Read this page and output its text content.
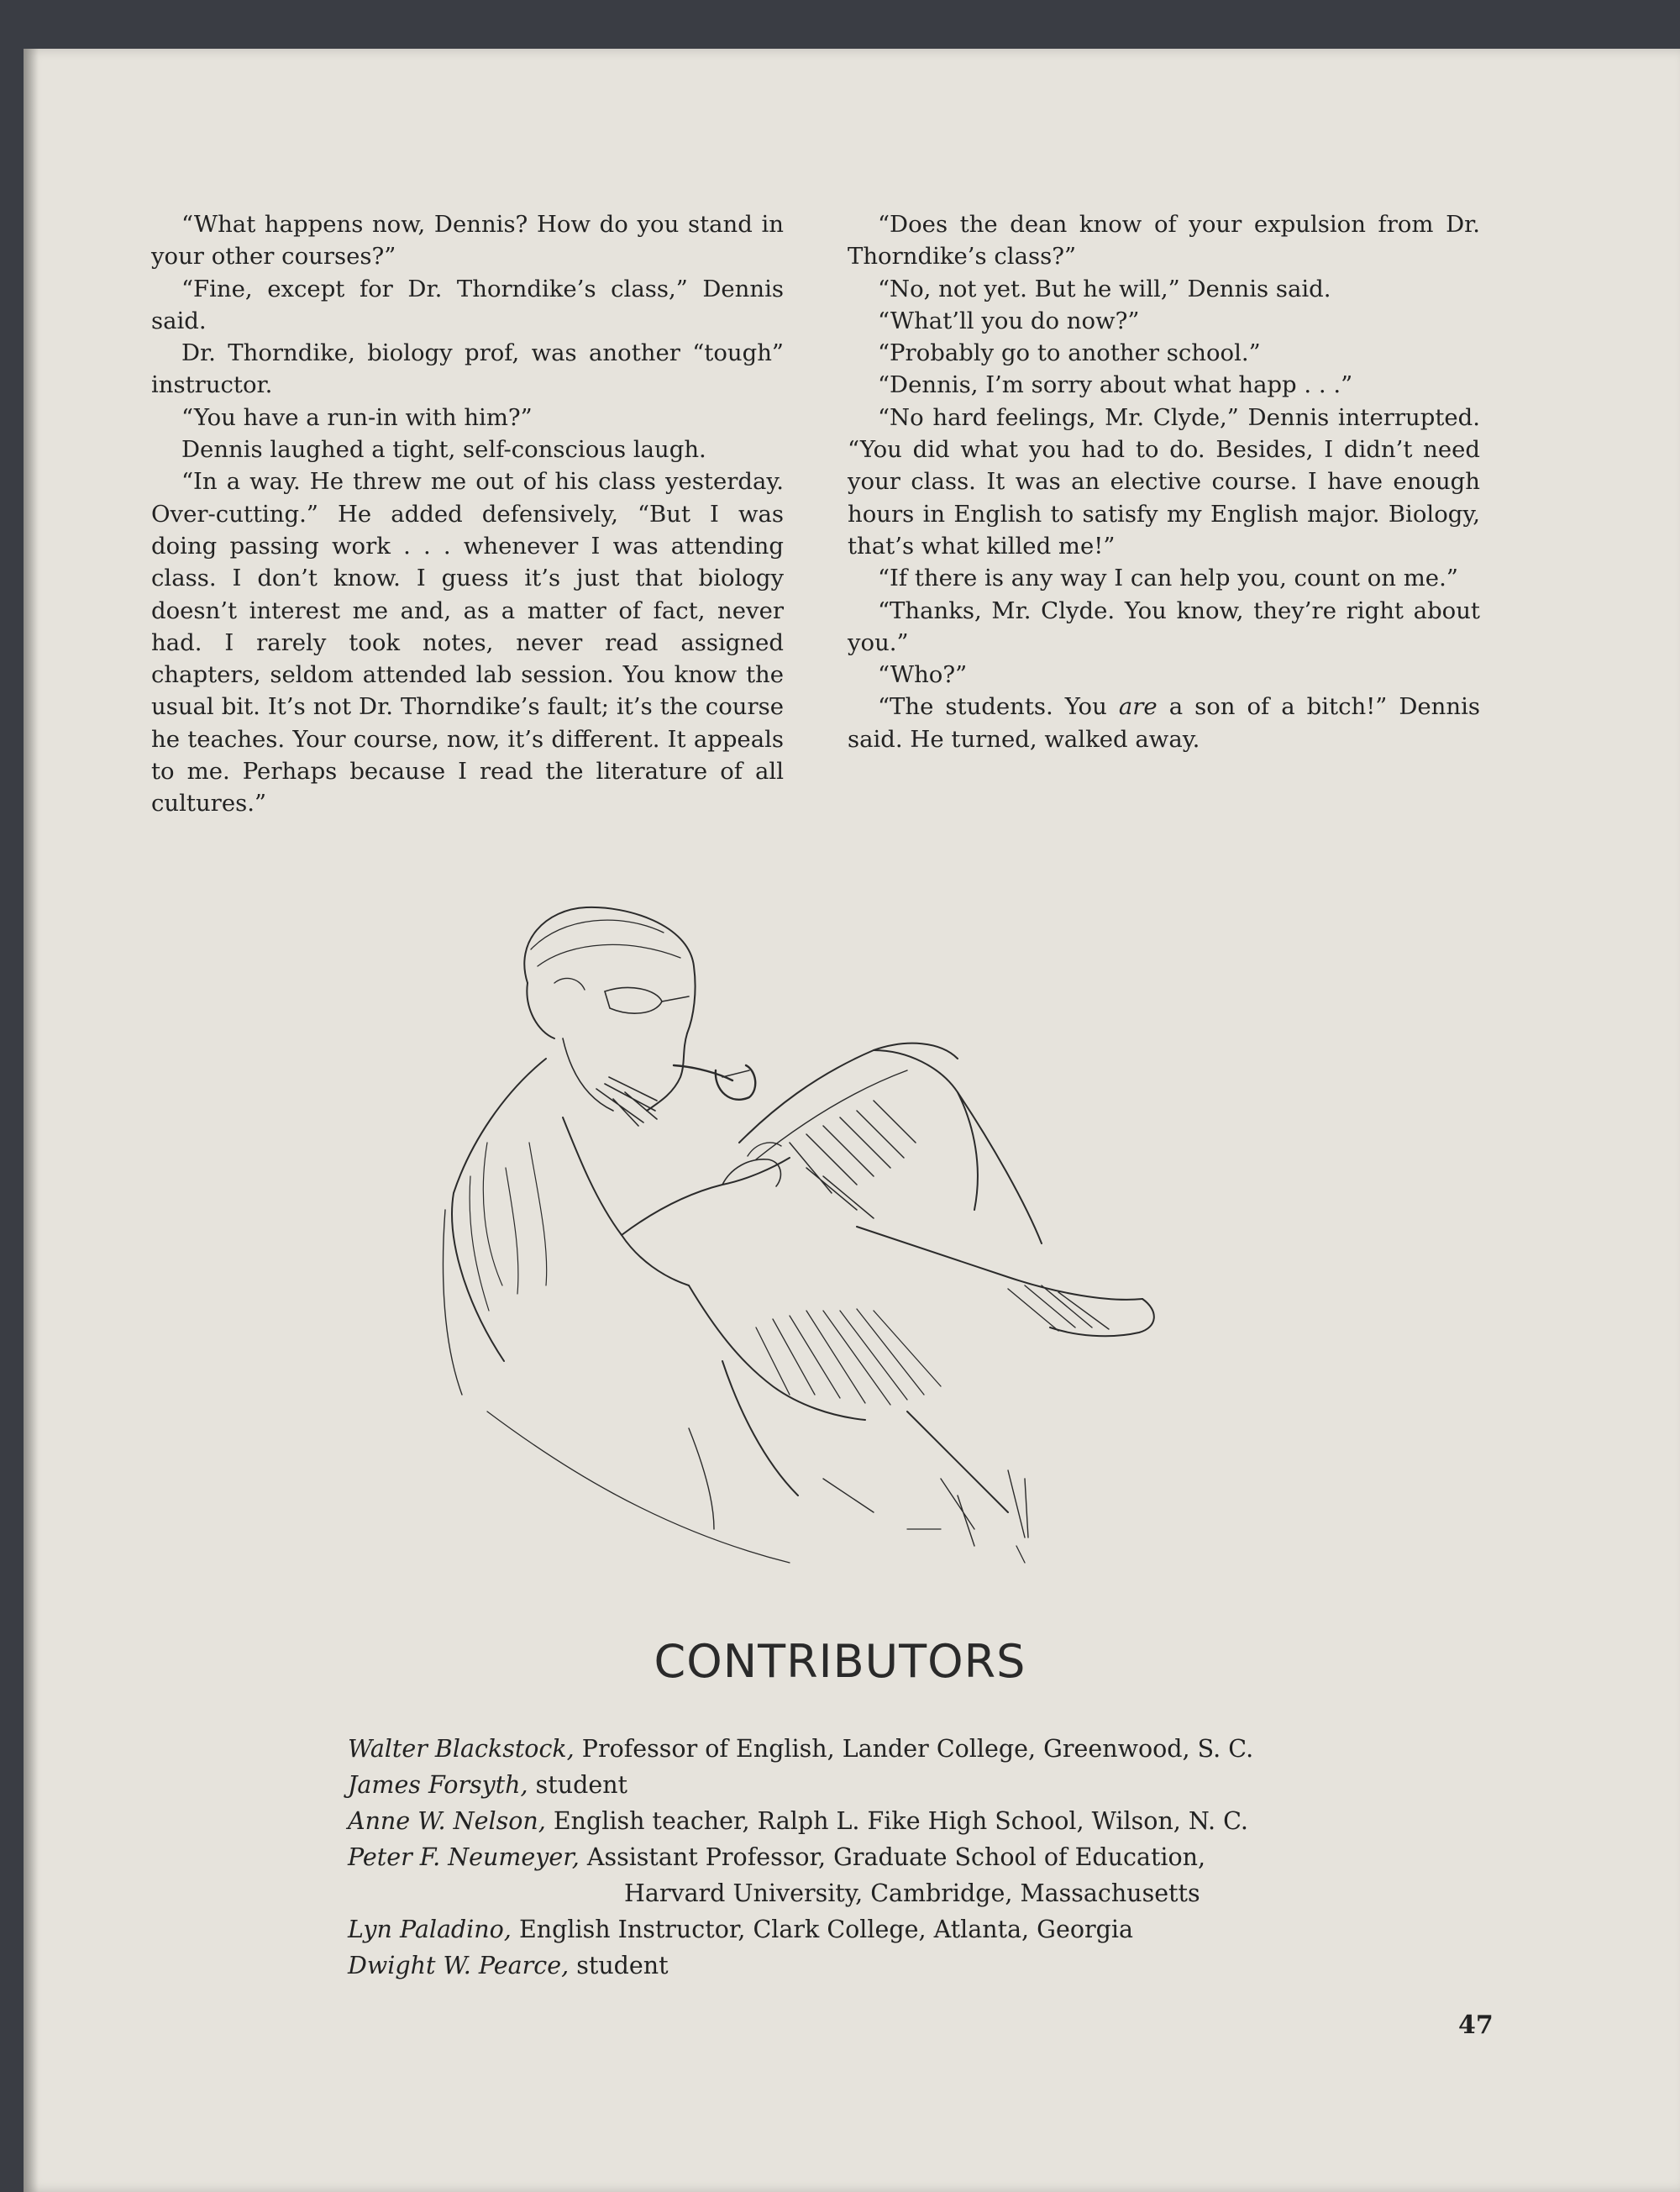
“What happens now, Dennis? How do you stand in your other courses?”

“Fine, except for Dr. Thorndike’s class,” Dennis said.

Dr. Thorndike, biology prof, was another “tough” instructor.

“You have a run-in with him?”

Dennis laughed a tight, self-conscious laugh.

“In a way. He threw me out of his class yesterday. Over-cutting.” He added defensively, “But I was doing passing work . . . whenever I was attending class. I don’t know. I guess it’s just that biology doesn’t interest me and, as a matter of fact, never had. I rarely took notes, never read assigned chapters, seldom attended lab session. You know the usual bit. It’s not Dr. Thorndike’s fault; it’s the course he teaches. Your course, now, it’s different. It appeals to me. Perhaps because I read the literature of all cultures.”

“Does the dean know of your expulsion from Dr. Thorndike’s class?”

“No, not yet. But he will,” Dennis said.

“What’ll you do now?”

“Probably go to another school.”

“Dennis, I’m sorry about what happ . . .”

“No hard feelings, Mr. Clyde,” Dennis interrupted. “You did what you had to do. Besides, I didn’t need your class. It was an elective course. I have enough hours in English to satisfy my English major. Biology, that’s what killed me!”

“If there is any way I can help you, count on me.”

“Thanks, Mr. Clyde. You know, they’re right about you.”

“Who?”

“The students. You are a son of a bitch!” Dennis said. He turned, walked away.

CONTRIBUTORS
Walter Blackstock, Professor of English, Lander College, Greenwood, S. C.
James Forsyth, student
Anne W. Nelson, English teacher, Ralph L. Fike High School, Wilson, N. C.
Peter F. Neumeyer, Assistant Professor, Graduate School of Education,
Harvard University, Cambridge, Massachusetts
Lyn Paladino, English Instructor, Clark College, Atlanta, Georgia
Dwight W. Pearce, student
47
